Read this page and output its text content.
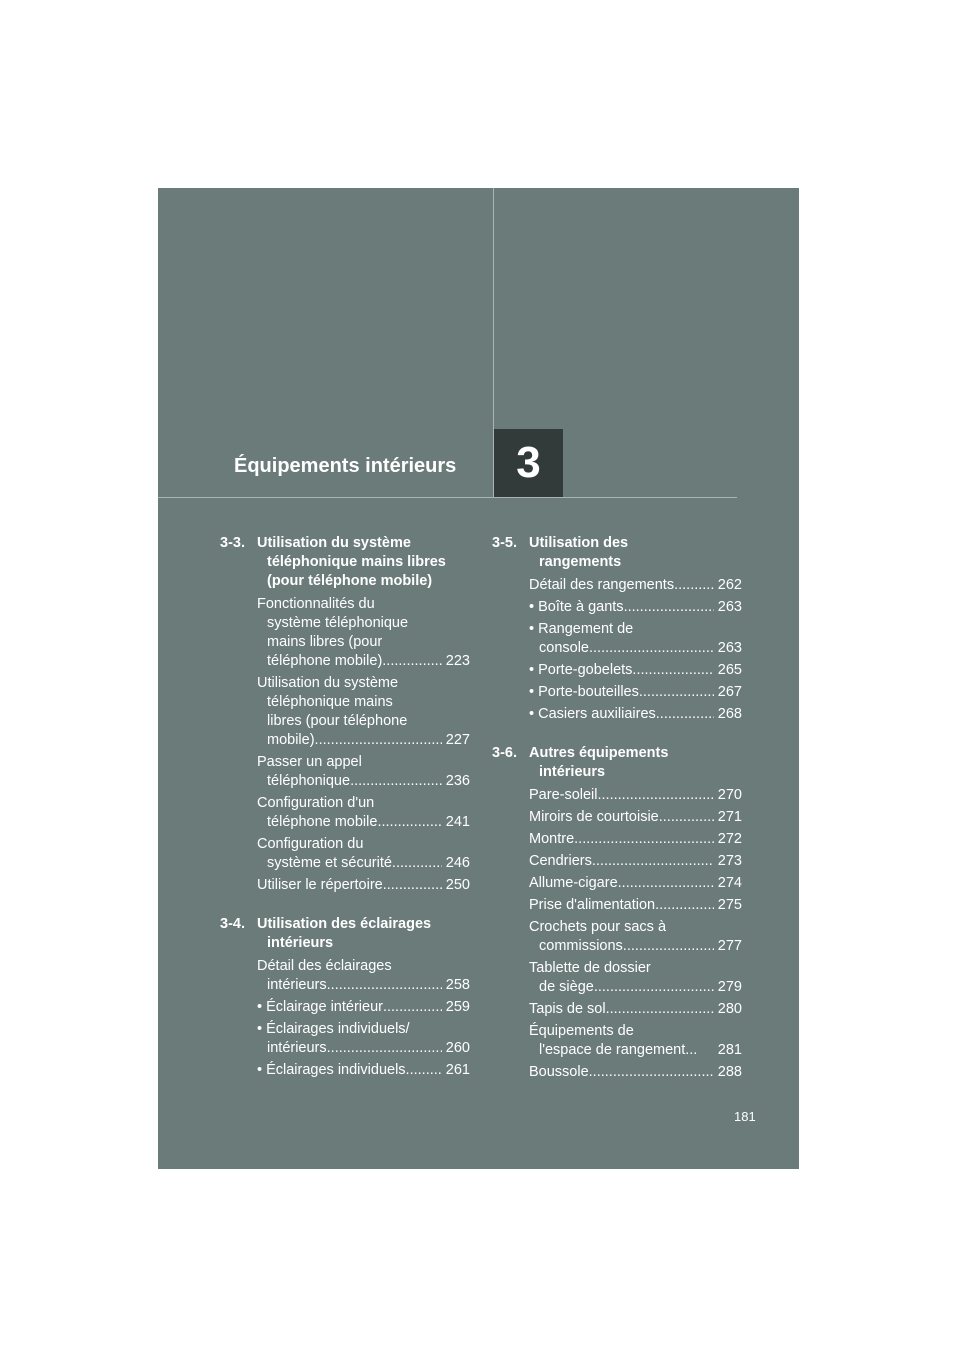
3
Équipements intérieurs
3-3. Utilisation du système
téléphonique mains libres
(pour téléphone mobile)
Fonctionnalités du
système téléphonique
mains libres (pour
téléphone mobile) .....	223
Utilisation du système
téléphonique mains
libres (pour téléphone
mobile) .....	227
Passer un appel
téléphonique .....	236
Configuration d'un
téléphone mobile .....	241
Configuration du
système et sécurité .....	246
Utiliser le répertoire .....	250
3-4. Utilisation des éclairages
intérieurs
Détail des éclairages
intérieurs .....	258
• Éclairage intérieur .....	259
• Éclairages individuels/
intérieurs .....	260
• Éclairages individuels .....	261
3-5. Utilisation des
rangements
Détail des rangements .....	262
• Boîte à gants .....	263
• Rangement de
console .....	263
• Porte-gobelets .....	265
• Porte-bouteilles .....	267
• Casiers auxiliaires .....	268
3-6. Autres équipements
intérieurs
Pare-soleil .....	270
Miroirs de courtoisie .....	271
Montre .....	272
Cendriers .....	273
Allume-cigare .....	274
Prise d'alimentation .....	275
Crochets pour sacs à
commissions .....	277
Tablette de dossier
de siège .....	279
Tapis de sol .....	280
Équipements de
l'espace de rangement... 281
Boussole .....	288
181
